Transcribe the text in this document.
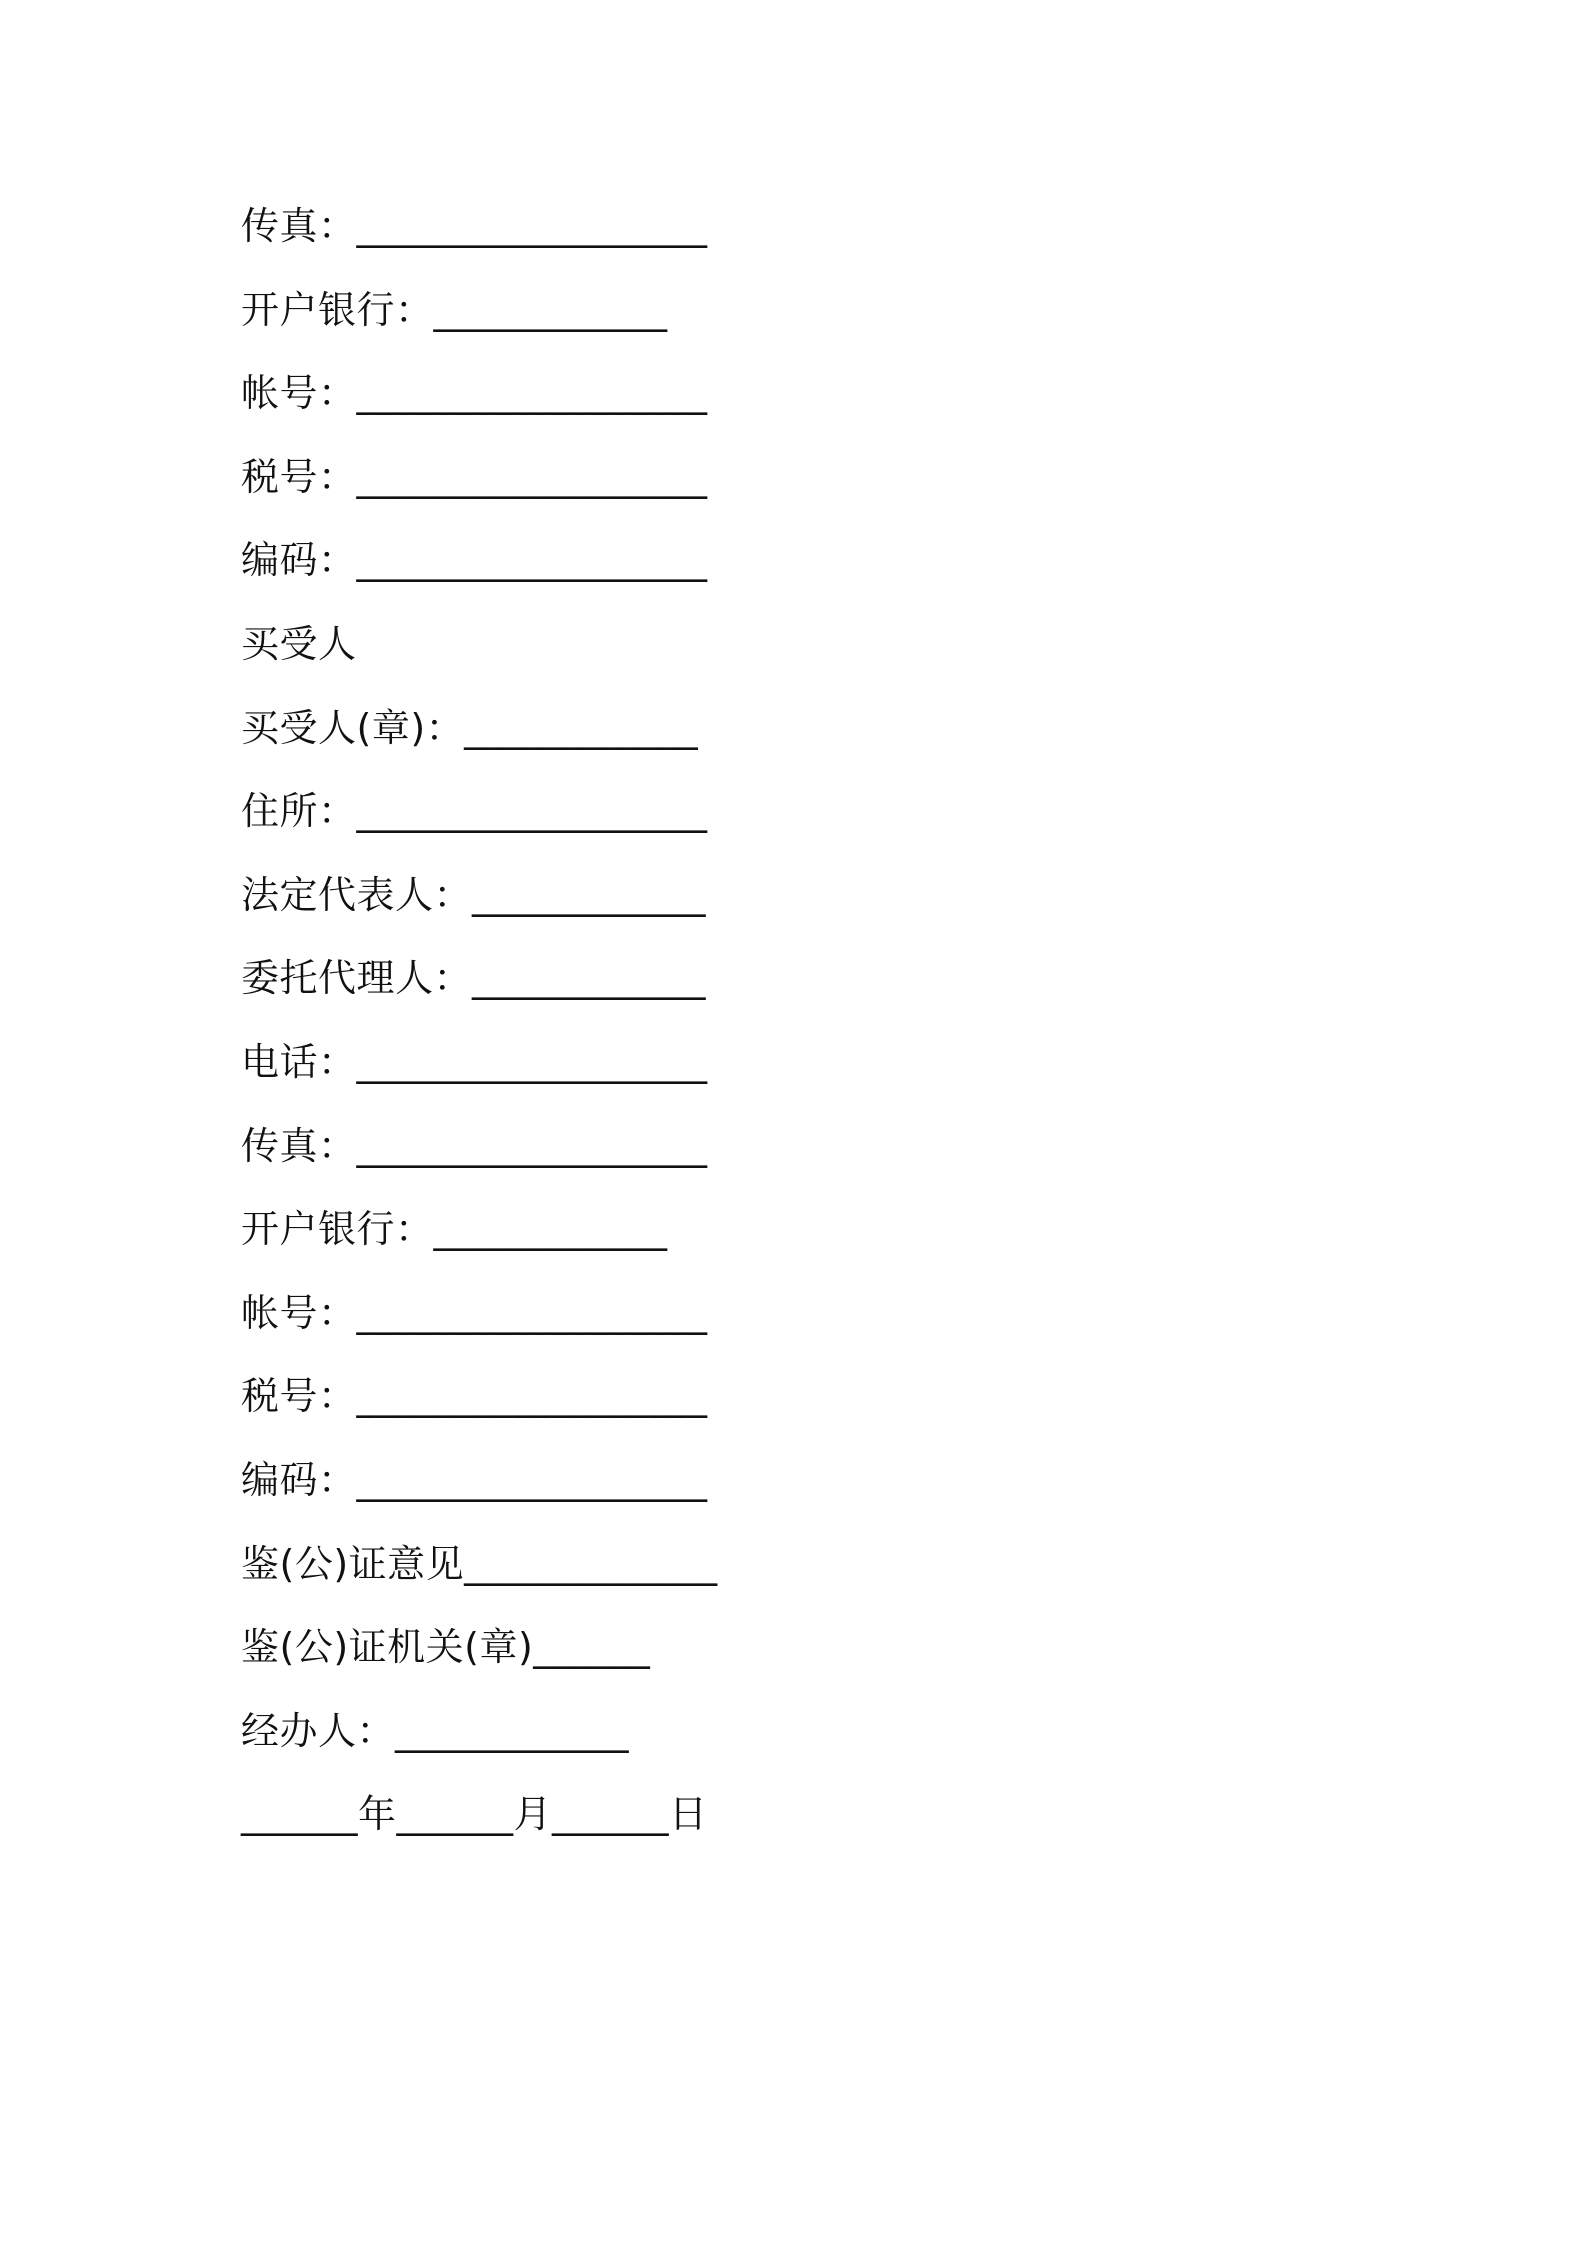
传真：__________________
开户银行：____________
帐号：__________________
税号：__________________
编码：__________________
买受人
买受人(章)：____________
住所：__________________
法定代表人：____________
委托代理人：____________
电话：__________________
传真：__________________
开户银行：____________
帐号：__________________
税号：__________________
编码：__________________
鉴(公)证意见_____________
鉴(公)证机关(章)______
经办人：____________
______年______月______日
